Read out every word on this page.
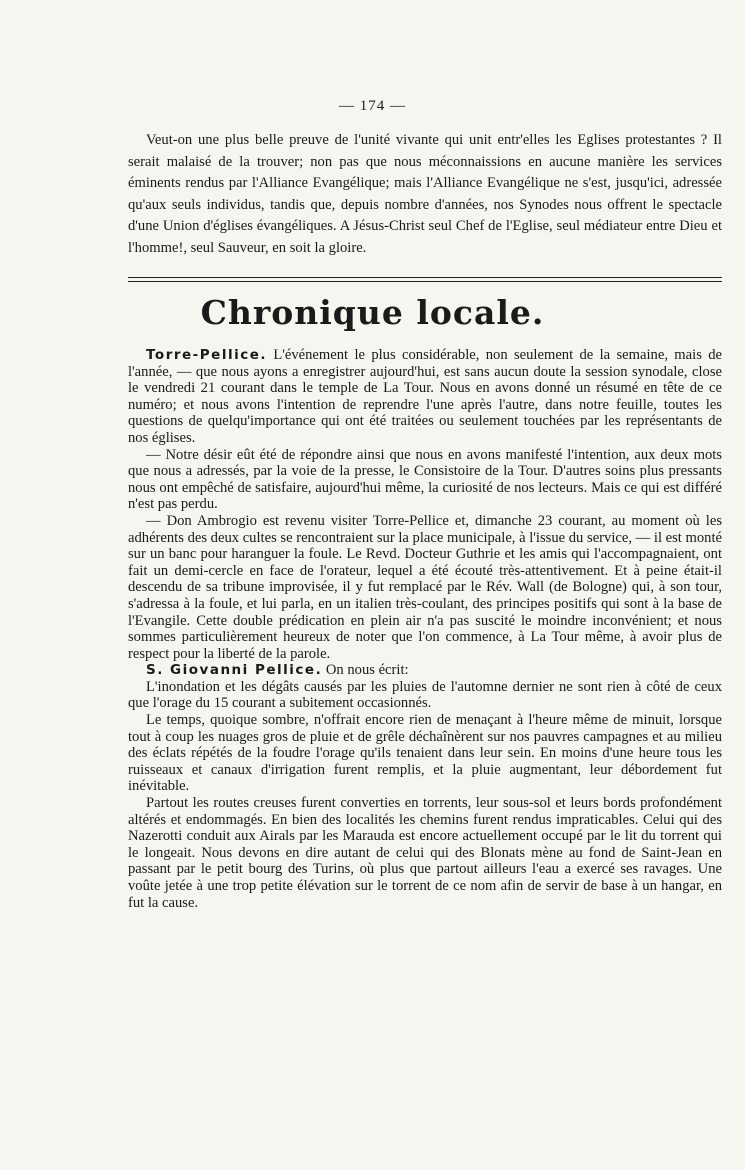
— 174 —

Veut-on une plus belle preuve de l'unité vivante qui unit entr'elles les Eglises protestantes ? Il serait malaisé de la trouver; non pas que nous méconnaissions en aucune manière les services éminents rendus par l'Alliance Evangélique; mais l'Alliance Evangélique ne s'est, jusqu'ici, adressée qu'aux seuls individus, tandis que, depuis nombre d'années, nos Synodes nous offrent le spectacle d'une Union d'églises évangéliques. A Jésus-Christ seul Chef de l'Eglise, seul médiateur entre Dieu et l'homme!, seul Sauveur, en soit la gloire.

Chronique locale.

Torre-Pellice. L'événement le plus considérable, non seulement de la semaine, mais de l'année, — que nous ayons a enregistrer aujourd'hui, est sans aucun doute la session synodale, close le vendredi 21 courant dans le temple de La Tour. Nous en avons donné un résumé en tête de ce numéro; et nous avons l'intention de reprendre l'une après l'autre, dans notre feuille, toutes les questions de quelqu'importance qui ont été traitées ou seulement touchées par les représentants de nos églises.

— Notre désir eût été de répondre ainsi que nous en avons manifesté l'intention, aux deux mots que nous a adressés, par la voie de la presse, le Consistoire de la Tour. D'autres soins plus pressants nous ont empêché de satisfaire, aujourd'hui même, la curiosité de nos lecteurs. Mais ce qui est différé n'est pas perdu.

— Don Ambrogio est revenu visiter Torre-Pellice et, dimanche 23 courant, au moment où les adhérents des deux cultes se rencontraient sur la place municipale, à l'issue du service, — il est monté sur un banc pour haranguer la foule. Le Revd. Docteur Guthrie et les amis qui l'accompagnaient, ont fait un demi-cercle en face de l'orateur, lequel a été écouté très-attentivement. Et à peine était-il descendu de sa tribune improvisée, il y fut remplacé par le Rév. Wall (de Bologne) qui, à son tour, s'adressa à la foule, et lui parla, en un italien très-coulant, des principes positifs qui sont à la base de l'Evangile. Cette double prédication en plein air n'a pas suscité le moindre inconvénient; et nous sommes particulièrement heureux de noter que l'on commence, à La Tour même, à avoir plus de respect pour la liberté de la parole.

S. Giovanni Pellice. On nous écrit:

L'inondation et les dégâts causés par les pluies de l'automne dernier ne sont rien à côté de ceux que l'orage du 15 courant a subitement occasionnés.

Le temps, quoique sombre, n'offrait encore rien de menaçant à l'heure même de minuit, lorsque tout à coup les nuages gros de pluie et de grêle déchaînèrent sur nos pauvres campagnes et au milieu des éclats répétés de la foudre l'orage qu'ils tenaient dans leur sein. En moins d'une heure tous les ruisseaux et canaux d'irrigation furent remplis, et la pluie augmentant, leur débordement fut inévitable.

Partout les routes creuses furent converties en torrents, leur sous-sol et leurs bords profondément altérés et endommagés. En bien des localités les chemins furent rendus impraticables. Celui qui des Nazerotti conduit aux Airals par les Marauda est encore actuellement occupé par le lit du torrent qui le longeait. Nous devons en dire autant de celui qui des Blonats mène au fond de Saint-Jean en passant par le petit bourg des Turins, où plus que partout ailleurs l'eau a exercé ses ravages. Une voûte jetée à une trop petite élévation sur le torrent de ce nom afin de servir de base à un hangar, en fut la cause.
